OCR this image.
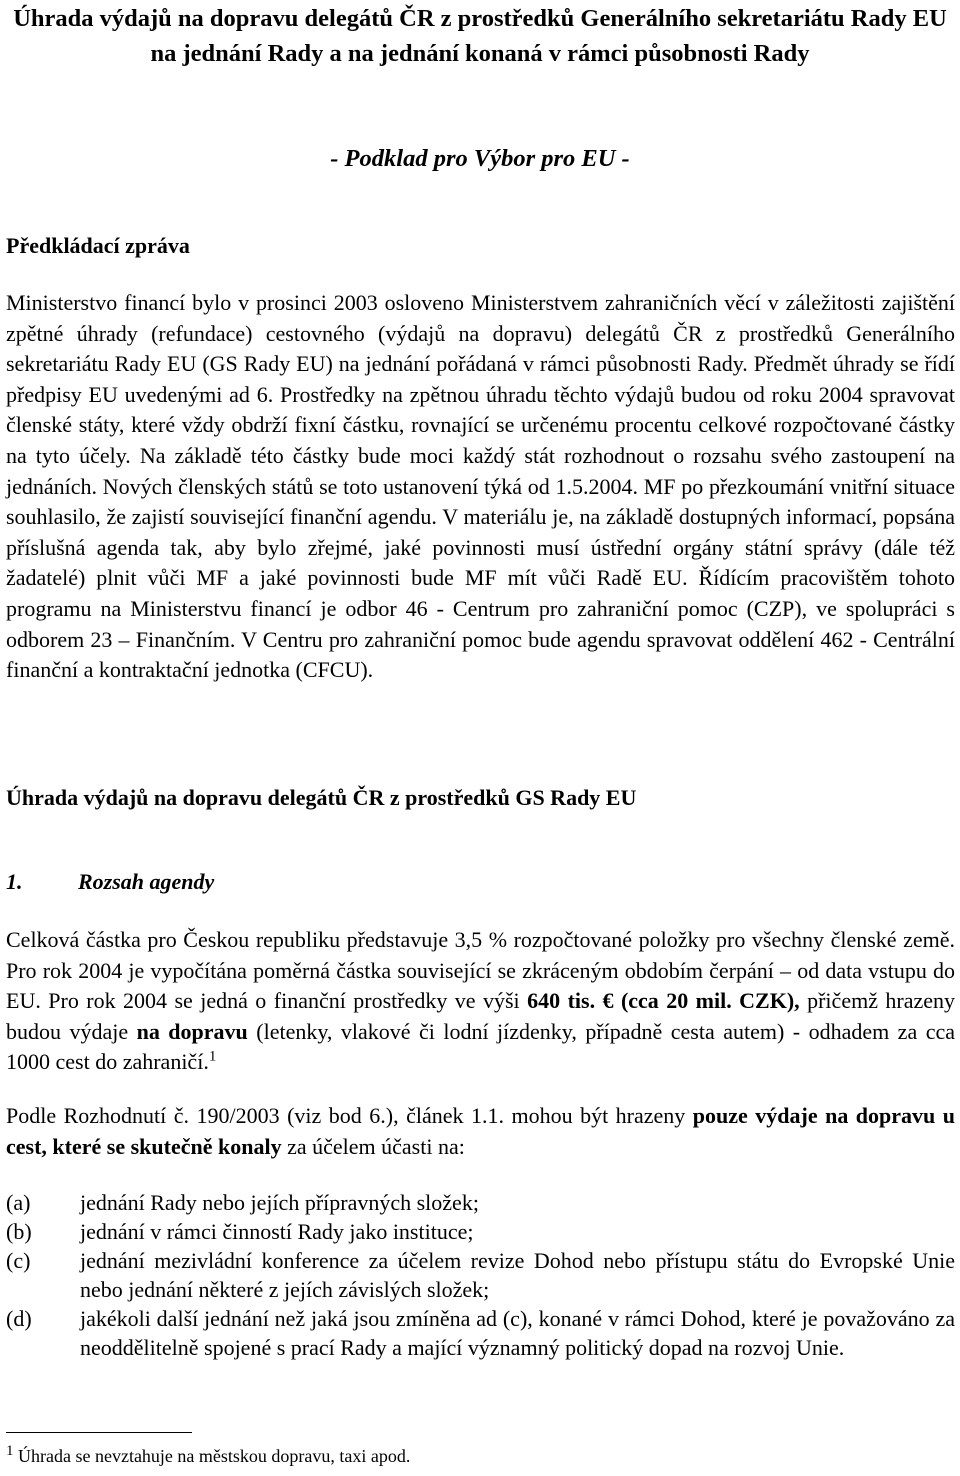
Úhrada výdajů na dopravu delegátů ČR z prostředků Generálního sekretariátu Rady EU na jednání Rady a na jednání konaná v rámci působnosti Rady
- Podklad pro Výbor pro EU -
Předkládací zpráva
Ministerstvo financí bylo v prosinci 2003 osloveno Ministerstvem zahraničních věcí v záležitosti zajištění zpětné úhrady (refundace) cestovného (výdajů na dopravu) delegátů ČR z prostředků Generálního sekretariátu Rady EU (GS Rady EU) na jednání pořádaná v rámci působnosti Rady. Předmět úhrady se řídí předpisy EU uvedenými ad 6. Prostředky na zpětnou úhradu těchto výdajů budou od roku 2004 spravovat členské státy, které vždy obdrží fixní částku, rovnající se určenému procentu celkové rozpočtované částky na tyto účely. Na základě této částky bude moci každý stát rozhodnout o rozsahu svého zastoupení na jednáních. Nových členských států se toto ustanovení týká od 1.5.2004. MF po přezkoumání vnitřní situace souhlasilo, že zajistí související finanční agendu. V materiálu je, na základě dostupných informací, popsána příslušná agenda tak, aby bylo zřejmé, jaké povinnosti musí ústřední orgány státní správy (dále též žadatelé) plnit vůči MF a jaké povinnosti bude MF mít vůči Radě EU. Řídícím pracovištěm tohoto programu na Ministerstvu financí je odbor 46 - Centrum pro zahraniční pomoc (CZP), ve spolupráci s odborem 23 – Finančním. V Centru pro zahraniční pomoc bude agendu spravovat oddělení 462 - Centrální finanční a kontraktační jednotka (CFCU).
Úhrada výdajů na dopravu delegátů ČR z prostředků GS Rady EU
1.	Rozsah agendy
Celková částka pro Českou republiku představuje 3,5 % rozpočtované položky pro všechny členské země. Pro rok 2004 je vypočítána poměrná částka související se zkráceným obdobím čerpání – od data vstupu do EU. Pro rok 2004 se jedná o finanční prostředky ve výši 640 tis. € (cca 20 mil. CZK), přičemž hrazeny budou výdaje na dopravu (letenky, vlakové či lodní jízdenky, případně cesta autem) - odhadem za cca 1000 cest do zahraničí.$^1$
Podle Rozhodnutí č. 190/2003 (viz bod 6.), článek 1.1. mohou být hrazeny pouze výdaje na dopravu u cest, které se skutečně konaly za účelem účasti na:
(a)	jednání Rady nebo jejích přípravných složek;
(b)	jednání v rámci činností Rady jako instituce;
(c)	jednání mezivládní konference za účelem revize Dohod nebo přístupu státu do Evropské Unie nebo jednání některé z jejích závislých složek;
(d)	jakékoli další jednání než jaká jsou zmíněna ad (c), konané v rámci Dohod, které je považováno za neoddělitelně spojené s prací Rady a mající významný politický dopad na rozvoj Unie.
$^1$ Úhrada se nevztahuje na městskou dopravu, taxi apod.
